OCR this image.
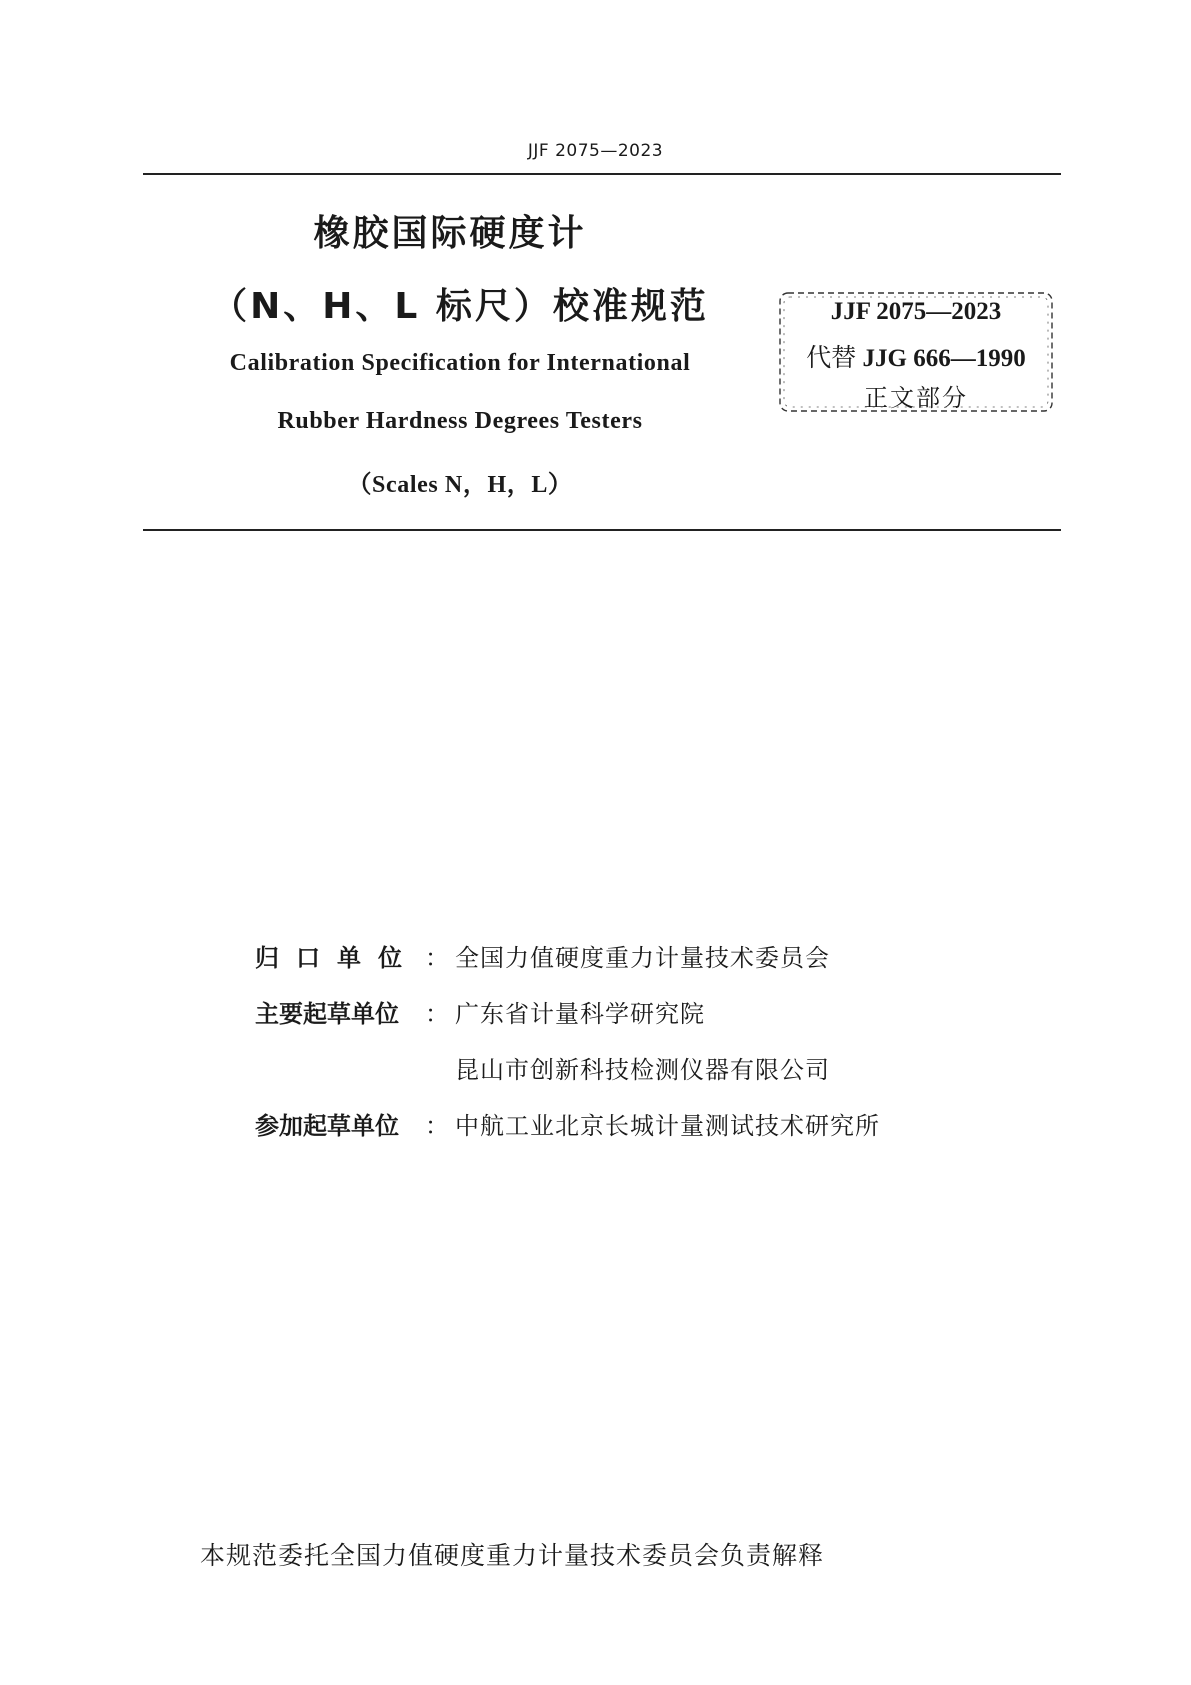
JJF 2075—2023
橡胶国际硬度计
（N、H、L 标尺）校准规范
Calibration Specification for International
Rubber Hardness Degrees Testers
（Scales N，H，L）
JJF 2075—2023
代替 JJG 666—1990
正文部分
归口单位 ： 全国力值硬度重力计量技术委员会
主要起草单位	： 广东省计量科学研究院
昆山市创新科技检测仪器有限公司
参加起草单位	： 中航工业北京长城计量测试技术研究所
本规范委托全国力值硬度重力计量技术委员会负责解释
